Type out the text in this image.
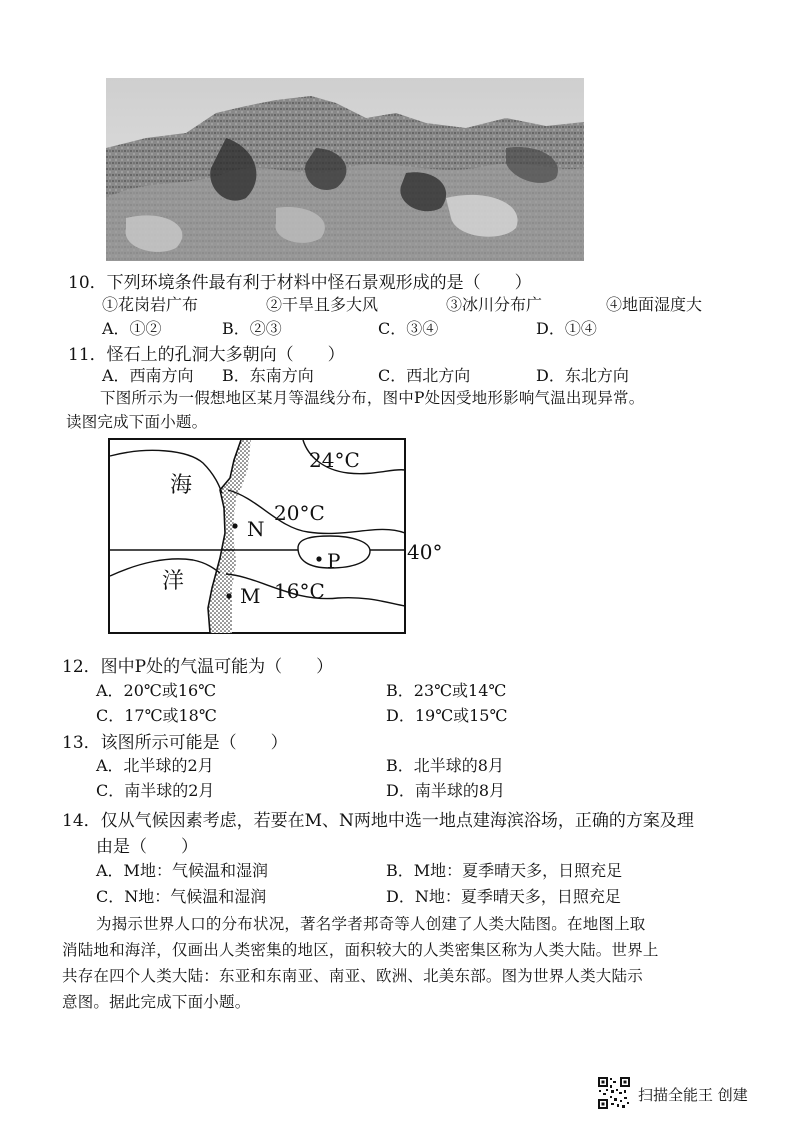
10．下列环境条件最有利于材料中怪石景观形成的是（　　）
①花岗岩广布	②干旱且多大风	③冰川分布广	④地面湿度大
A．①②	B．②③	C．③④	D．①④
11．怪石上的孔洞大多朝向（　　）
A．西南方向 B．东南方向	C．西北方向	D．东北方向
下图所示为一假想地区某月等温线分布，图中P处因受地形影响气温出现异常。
读图完成下面小题。
海
洋
24°C
20°C
16°C
P
N
M
40°
12．图中P处的气温可能为（　　）
A．20℃或16℃	B．23℃或14℃
C．17℃或18℃	D．19℃或15℃
13．该图所示可能是（　　）
A．北半球的2月	B．北半球的8月
C．南半球的2月	D．南半球的8月
14．仅从气候因素考虑，若要在M、N两地中选一地点建海滨浴场，正确的方案及理
由是（　　）
A．M地：气候温和湿润	B．M地：夏季晴天多，日照充足
C．N地：气候温和湿润	D．N地：夏季晴天多，日照充足
为揭示世界人口的分布状况，著名学者邦奇等人创建了人类大陆图。在地图上取
消陆地和海洋，仅画出人类密集的地区，面积较大的人类密集区称为人类大陆。世界上
共存在四个人类大陆：东亚和东南亚、南亚、欧洲、北美东部。图为世界人类大陆示
意图。据此完成下面小题。
扫描全能王 创建
